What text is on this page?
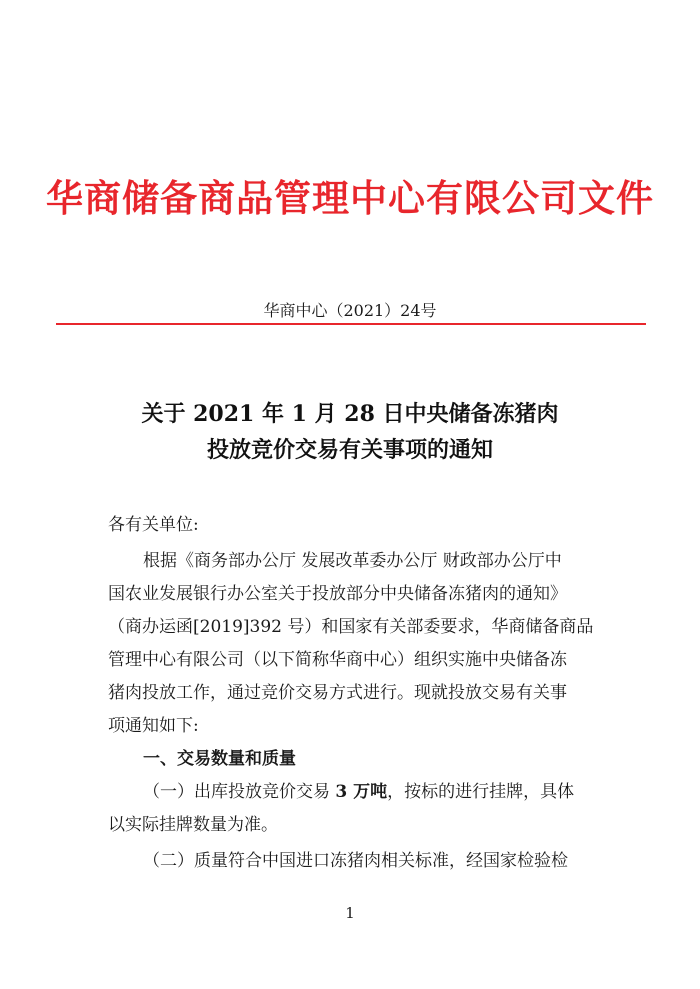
华商储备商品管理中心有限公司文件
华商中心（2021）24号
关于 2021 年 1 月 28 日中央储备冻猪肉
投放竞价交易有关事项的通知
各有关单位:
根据《商务部办公厅 发展改革委办公厅 财政部办公厅中
国农业发展银行办公室关于投放部分中央储备冻猪肉的通知》
（商办运函[2019]392 号）和国家有关部委要求，华商储备商品
管理中心有限公司（以下简称华商中心）组织实施中央储备冻
猪肉投放工作，通过竞价交易方式进行。现就投放交易有关事
项通知如下:
一、交易数量和质量
（一）出库投放竞价交易 3 万吨，按标的进行挂牌，具体
以实际挂牌数量为准。
（二）质量符合中国进口冻猪肉相关标准，经国家检验检
1
